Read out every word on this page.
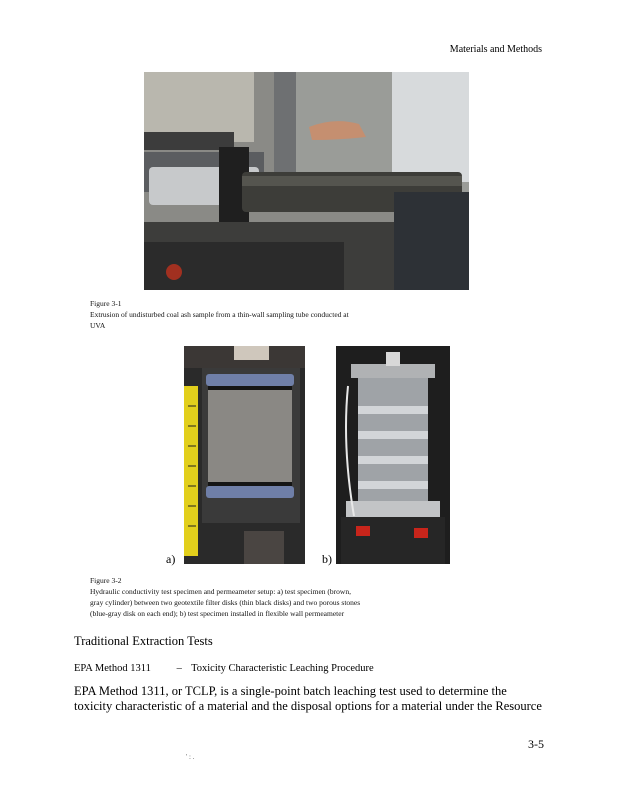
Materials and Methods
Figure 3-1
Extrusion of undisturbed coal ash sample from a thin-wall sampling tube conducted at UVA
a)	b)
Figure 3-2
Hydraulic conductivity test specimen and permeameter setup: a) test specimen (brown, gray cylinder) between two geotextile filter disks (thin black disks) and two porous stones (blue-gray disk on each end); b) test specimen installed in flexible wall permeameter
Traditional Extraction Tests
EPA Method 1311 – Toxicity Characteristic Leaching Procedure
EPA Method 1311, or TCLP, is a single-point batch leaching test used to determine the toxicity characteristic of a material and the disposal options for a material under the Resource
3-5
' : .
